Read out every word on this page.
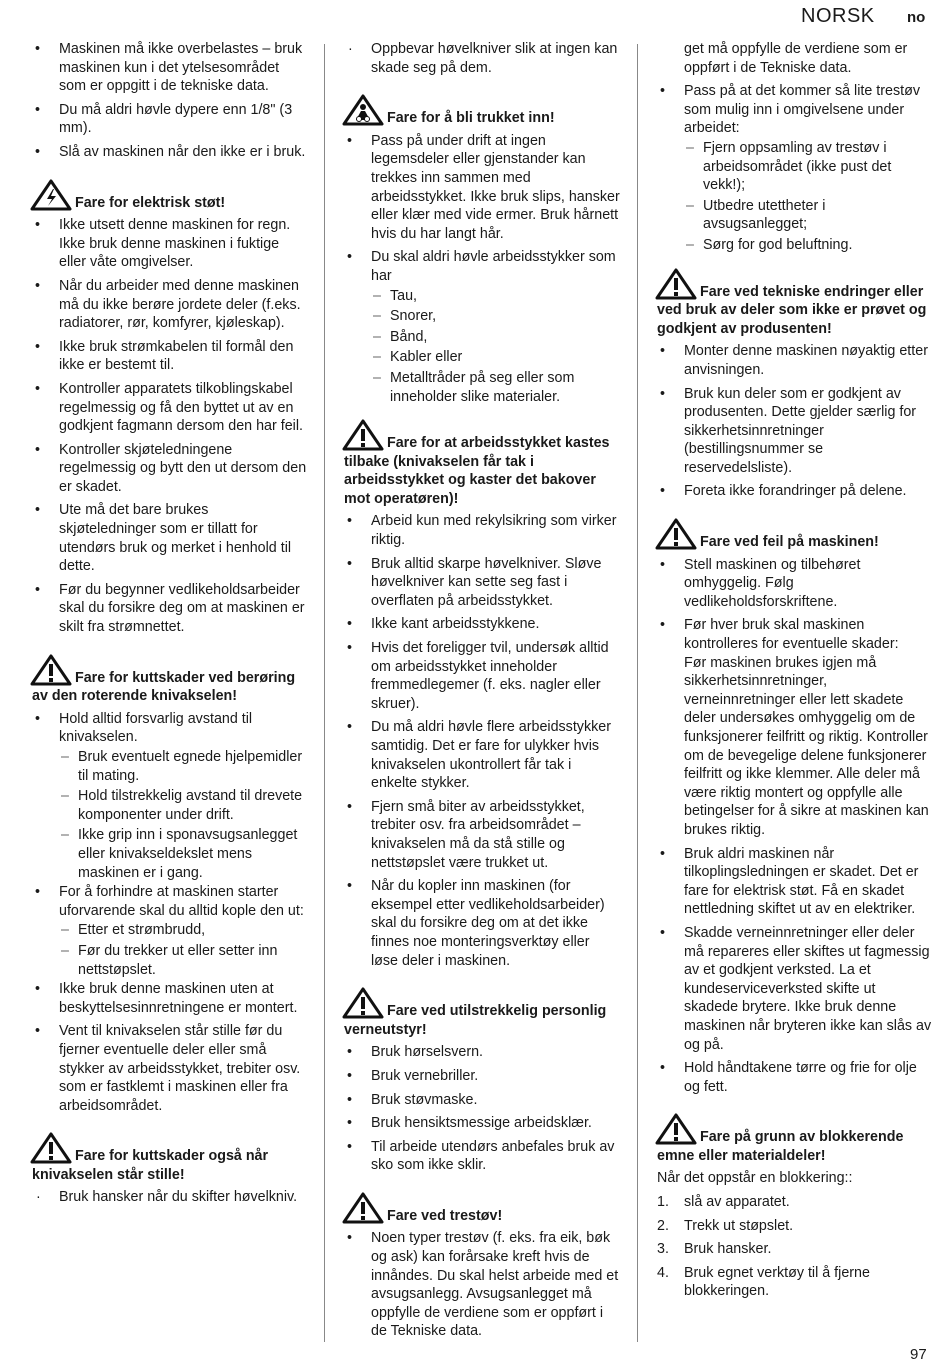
NORSK no
• Maskinen må ikke overbelastes – bruk maskinen kun i det ytelsesområdet som er oppgitt i de tekniske data.
• Du må aldri høvle dypere enn 1/8" (3 mm).
• Slå av maskinen når den ikke er i bruk.
Fare for elektrisk støt!
• Ikke utsett denne maskinen for regn. Ikke bruk denne maskinen i fuktige eller våte omgivelser.
• Når du arbeider med denne maskinen må du ikke berøre jordete deler (f.eks. radiatorer, rør, komfyrer, kjøleskap).
• Ikke bruk strømkabelen til formål den ikke er bestemt til.
• Kontroller apparatets tilkoblingskabel regelmessig og få den byttet ut av en godkjent fagmann dersom den har feil.
• Kontroller skjøteledningene regelmessig og bytt den ut dersom den er skadet.
• Ute må det bare brukes skjøteledninger som er tillatt for utendørs bruk og merket i henhold til dette.
• Før du begynner vedlikeholdsarbeider skal du forsikre deg om at maskinen er skilt fra strømnettet.
Fare for kuttskader ved berøring av den roterende knivakselen!
• Hold alltid forsvarlig avstand til knivakselen.
– Bruk eventuelt egnede hjelpemidler til mating.
– Hold tilstrekkelig avstand til drevete komponenter under drift.
– Ikke grip inn i sponavsugsanlegget eller knivakseldekslet mens maskinen er i gang.
• For å forhindre at maskinen starter uforvarende skal du alltid kople den ut:
– Etter et strømbrudd,
– Før du trekker ut eller setter inn nettstøpslet.
• Ikke bruk denne maskinen uten at beskyttelsesinnretningene er montert.
• Vent til knivakselen står stille før du fjerner eventuelle deler eller små stykker av arbeidsstykket, trebiter osv. som er fastklemt i maskinen eller fra arbeidsområdet.
Fare for kuttskader også når knivakselen står stille!
· Bruk hansker når du skifter høvelkniv.
· Oppbevar høvelkniver slik at ingen kan skade seg på dem.
Fare for å bli trukket inn!
• Pass på under drift at ingen legemsdeler eller gjenstander kan trekkes inn sammen med arbeidsstykket. Ikke bruk slips, hansker eller klær med vide ermer. Bruk hårnett hvis du har langt hår.
• Du skal aldri høvle arbeidsstykker som har
– Tau,
– Snorer,
– Bånd,
– Kabler eller
– Metalltråder på seg eller som inneholder slike materialer.
Fare for at arbeidsstykket kastes tilbake (knivakselen får tak i arbeidsstykket og kaster det bakover mot operatøren)!
• Arbeid kun med rekylsikring som virker riktig.
• Bruk alltid skarpe høvelkniver. Sløve høvelkniver kan sette seg fast i overflaten på arbeidsstykket.
• Ikke kant arbeidsstykkene.
• Hvis det foreligger tvil, undersøk alltid om arbeidsstykket inneholder fremmedlegemer (f. eks. nagler eller skruer).
• Du må aldri høvle flere arbeidsstykker samtidig. Det er fare for ulykker hvis knivakselen ukontrollert får tak i enkelte stykker.
• Fjern små biter av arbeidsstykket, trebiter osv. fra arbeidsområdet – knivakselen må da stå stille og nettstøpslet være trukket ut.
• Når du kopler inn maskinen (for eksempel etter vedlikeholdsarbeider) skal du forsikre deg om at det ikke finnes noe monteringsverktøy eller løse deler i maskinen.
Fare ved utilstrekkelig personlig verneutstyr!
• Bruk hørselsvern.
• Bruk vernebriller.
• Bruk støvmaske.
• Bruk hensiktsmessige arbeidsklær.
• Til arbeide utendørs anbefales bruk av sko som ikke sklir.
Fare ved trestøv!
• Noen typer trestøv (f. eks. fra eik, bøk og ask) kan forårsake kreft hvis de innåndes. Du skal helst arbeide med et avsugsanlegg. Avsugsanlegget må oppfylle de verdiene som er oppført i de Tekniske data.
get må oppfylle de verdiene som er oppført i de Tekniske data.
• Pass på at det kommer så lite trestøv som mulig inn i omgivelsene under arbeidet:
– Fjern oppsamling av trestøv i arbeidsområdet (ikke pust det vekk!);
– Utbedre utettheter i avsugsanlegget;
– Sørg for god beluftning.
Fare ved tekniske endringer eller ved bruk av deler som ikke er prøvet og godkjent av produsenten!
• Monter denne maskinen nøyaktig etter anvisningen.
• Bruk kun deler som er godkjent av produsenten. Dette gjelder særlig for sikkerhetsinnretninger (bestillingsnummer se reservedelsliste).
• Foreta ikke forandringer på delene.
Fare ved feil på maskinen!
• Stell maskinen og tilbehøret omhyggelig. Følg vedlikeholdsforskriftene.
• Før hver bruk skal maskinen kontrolleres for eventuelle skader:
Før maskinen brukes igjen må sikkerhetsinnretninger, verneinnretninger eller lett skadete deler undersøkes omhyggelig om de funksjonerer feilfritt og riktig. Kontroller om de bevegelige delene funksjonerer feilfritt og ikke klemmer. Alle deler må være riktig montert og oppfylle alle betingelser for å sikre at maskinen kan brukes riktig.
• Bruk aldri maskinen når tilkoplingsledningen er skadet. Det er fare for elektrisk støt. Få en skadet nettledning skiftet ut av en elektriker.
• Skadde verneinnretninger eller deler må repareres eller skiftes ut fagmessig av et godkjent verksted. La et kundeserviceverksted skifte ut skadede brytere. Ikke bruk denne maskinen når bryteren ikke kan slås av og på.
• Hold håndtakene tørre og frie for olje og fett.
Fare på grunn av blokkerende emne eller materialdeler!
Når det oppstår en blokkering::
1. slå av apparatet.
2. Trekk ut støpslet.
3. Bruk hansker.
4. Bruk egnet verktøy til å fjerne blokkeringen.
97
